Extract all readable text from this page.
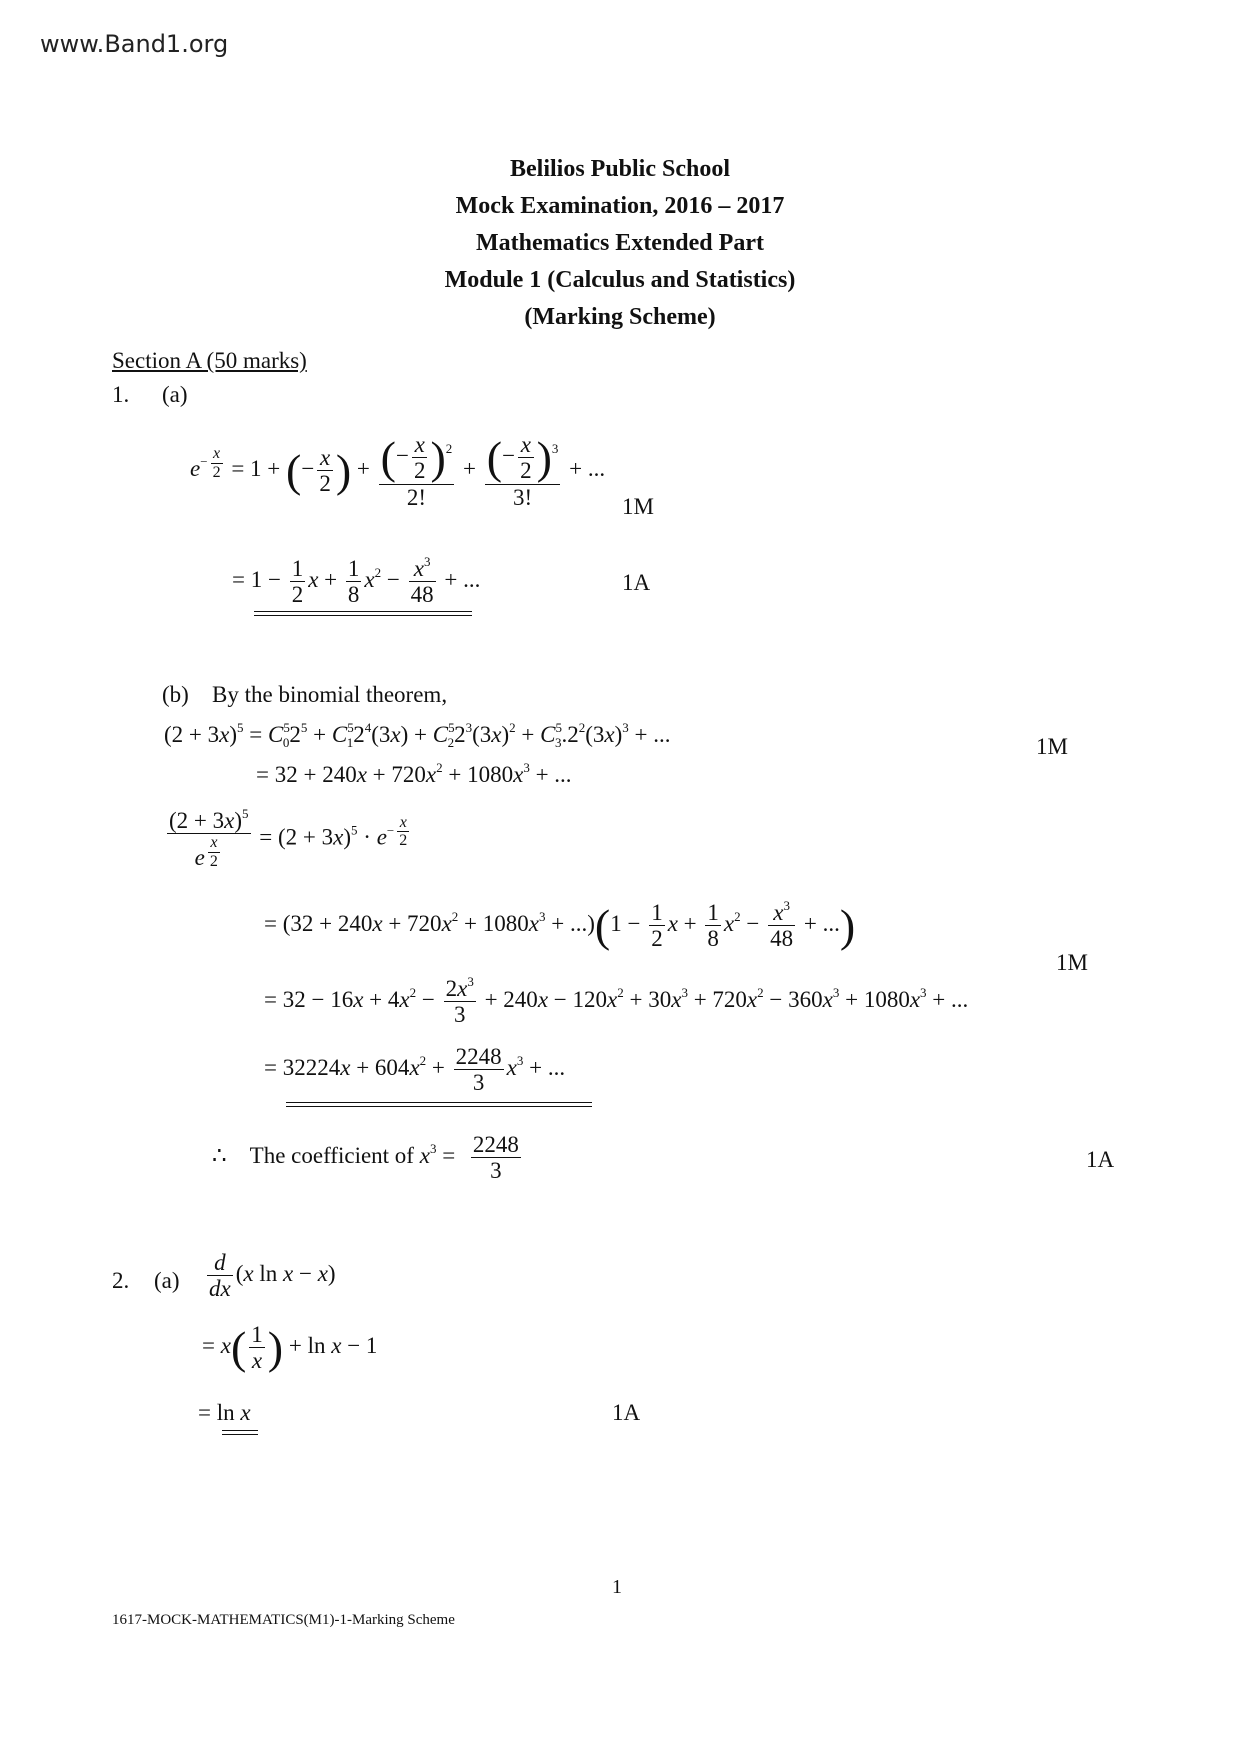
www.Band1.org
Belilios Public School
Mock Examination, 2016 – 2017
Mathematics Extended Part
Module 1 (Calculus and Statistics)
(Marking Scheme)
Section A (50 marks)
1. (a)
$e^{- \frac{x}{2}} = 1$ + (− $\frac{x}{2}$ ) + $\frac{(- \frac{x}{2} )^2}{2!} + \frac{(- \frac{x}{2} )^3}{3!}$ + ...
1M
= $1 - \frac{1}{2}$ $x + \frac{1}{8} x^2 - \frac{x^3}{48}$ + ...	1A
(b) By the binomial theorem,
$(2 + 3x)^5 = C^5_02^5 + C^5_12^4(3x) + C^5_22^3(3x)^2 + C^5_3.2^2(3x)^3$ + ...	1M
= $32 + 240x + 720x^2 + 1080x^3$ + ...
$(2 + 3x)^5$
e $^{\frac{x}{2}} = (2 + 3x)^5 \cdot e^{- \frac{x}{2}}$
= $(32 + 240x + 720x^2 + 1080x^3 + ...)(1 - \frac{1}{2}$ $x + \frac{1}{8} x^2 - \frac{x^3}{48}$ + ...)
1M
= $32 - 16x + 4x^2 - \frac{2x^3}{3} + 240x - 120x^2 + 30x^3 + 720x^2 - 360x^3 + 1080x^3$ + ...
= $32224x + 604x^2 + \frac{2248}{3} x^3$ + ...
∴ The coefficient of $x^3 = \frac{2248}{3}$	1A
2. $(a) \frac{d}{dx} (x$ ln x − x)
= $x( \frac{1}{x}$ ) + ln x − 1
= ln x	1A
1
1617-MOCK-MATHEMATICS(M1)-1-Marking Scheme
